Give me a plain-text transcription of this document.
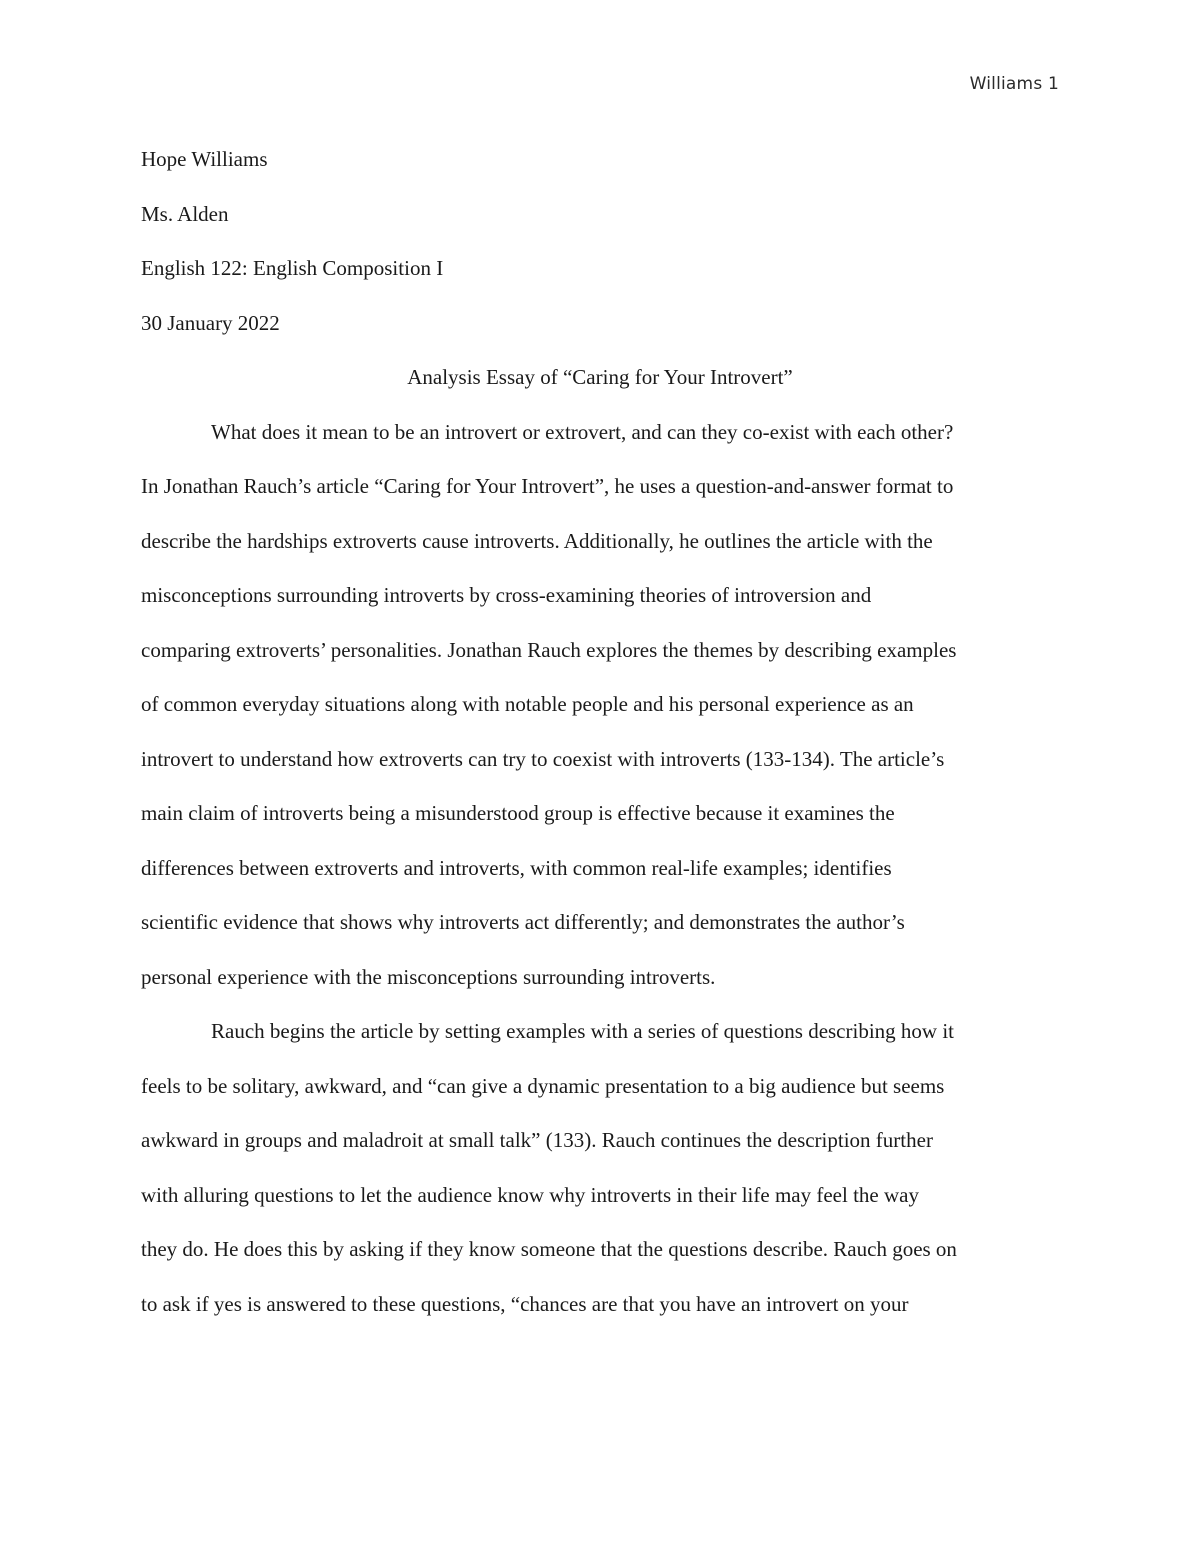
Williams 1

Hope Williams

Ms. Alden

English 122: English Composition I

30 January 2022

Analysis Essay of “Caring for Your Introvert”

What does it mean to be an introvert or extrovert, and can they co-exist with each other?
In Jonathan Rauch’s article “Caring for Your Introvert”, he uses a question-and-answer format to
describe the hardships extroverts cause introverts. Additionally, he outlines the article with the
misconceptions surrounding introverts by cross-examining theories of introversion and
comparing extroverts’ personalities. Jonathan Rauch explores the themes by describing examples
of common everyday situations along with notable people and his personal experience as an
introvert to understand how extroverts can try to coexist with introverts (133-134). The article’s
main claim of introverts being a misunderstood group is effective because it examines the
differences between extroverts and introverts, with common real-life examples; identifies
scientific evidence that shows why introverts act differently; and demonstrates the author’s
personal experience with the misconceptions surrounding introverts.
Rauch begins the article by setting examples with a series of questions describing how it
feels to be solitary, awkward, and “can give a dynamic presentation to a big audience but seems
awkward in groups and maladroit at small talk” (133). Rauch continues the description further
with alluring questions to let the audience know why introverts in their life may feel the way
they do. He does this by asking if they know someone that the questions describe. Rauch goes on
to ask if yes is answered to these questions, “chances are that you have an introvert on your
